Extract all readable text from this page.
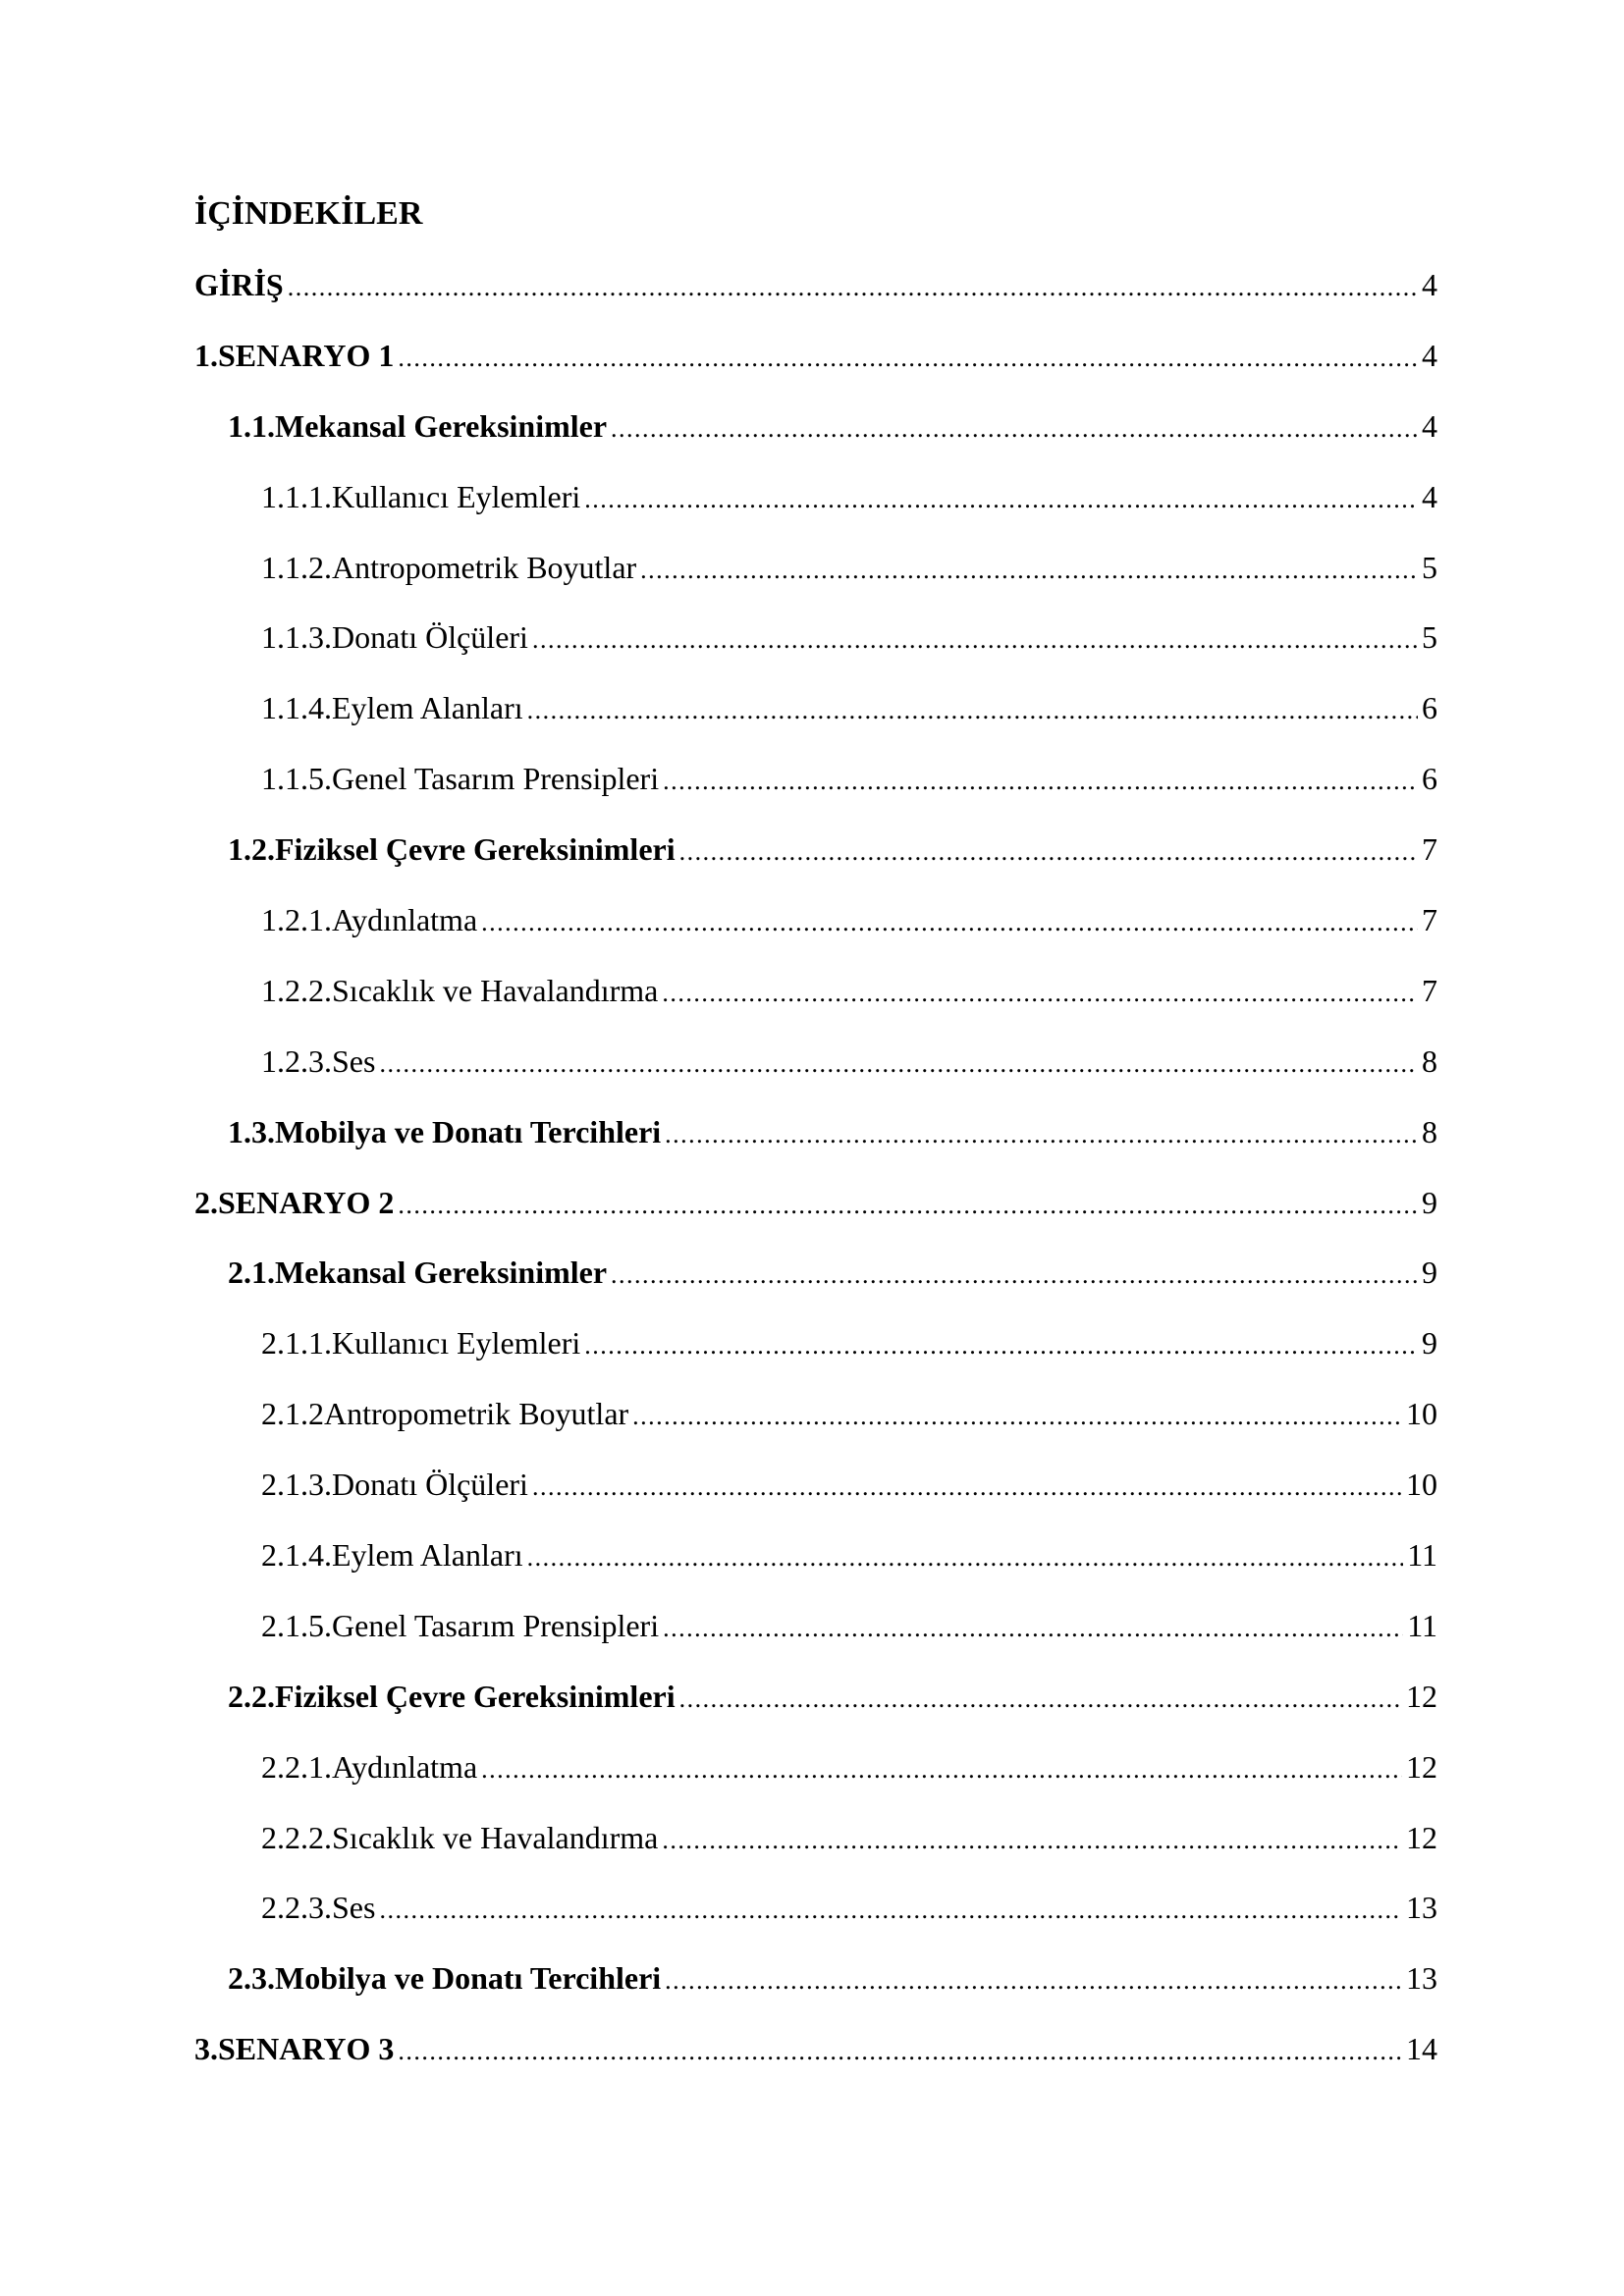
İÇİNDEKİLER
GİRİŞ .....	4
1.SENARYO 1 .....	4
1.1.Mekansal Gereksinimler .....	4
1.1.1.Kullanıcı Eylemleri .....	4
1.1.2.Antropometrik Boyutlar .....	5
1.1.3.Donatı Ölçüleri .....	5
1.1.4.Eylem Alanları .....	6
1.1.5.Genel Tasarım Prensipleri .....	6
1.2.Fiziksel Çevre Gereksinimleri .....	7
1.2.1.Aydınlatma .....	7
1.2.2.Sıcaklık ve Havalandırma .....	7
1.2.3.Ses .....	8
1.3.Mobilya ve Donatı Tercihleri .....	8
2.SENARYO 2 .....	9
2.1.Mekansal Gereksinimler .....	9
2.1.1.Kullanıcı Eylemleri .....	9
2.1.2Antropometrik Boyutlar .....	10
2.1.3.Donatı Ölçüleri .....	10
2.1.4.Eylem Alanları .....	11
2.1.5.Genel Tasarım Prensipleri .....	11
2.2.Fiziksel Çevre Gereksinimleri .....	12
2.2.1.Aydınlatma .....	12
2.2.2.Sıcaklık ve Havalandırma .....	12
2.2.3.Ses .....	13
2.3.Mobilya ve Donatı Tercihleri .....	13
3.SENARYO 3 .....	14
